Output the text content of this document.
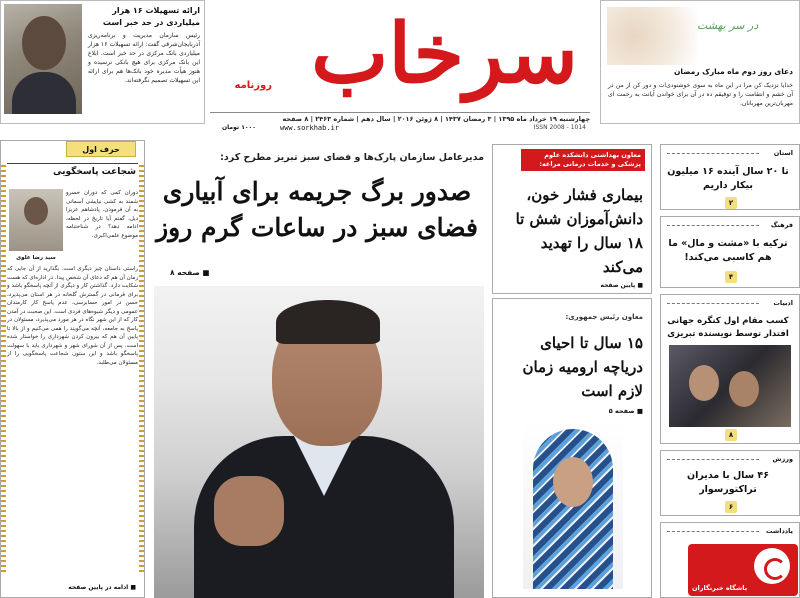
ارائه تسهیلات ۱۶ هزار میلیاردی در حد خبر است
رئیس سازمان مدیریت و برنامه‌ریزی آذربایجان‌شرقی گفت: ارائه تسهیلات ۱۶ هزار میلیاردی بانک مرکزی در حد خبر است. ابلاغ این بانک مرکزی برای هیچ بانکی نرسیده و هنوز هیأت مدیره خود بانک‌ها هم برای ارائه این تسهیلات تصمیم نگرفته‌اند. سرخاب
روزنامه
چهارشنبه ۱۹ خرداد ماه ۱۳۹۵ | ۳ رمضان ۱۴۳۷ | ۸ ژوئن ۲۰۱۶ | سال دهم | شماره ۲۴۶۳ | ۸ صفحه
۱۰۰۰ تومان	www.sorkhab.ir	ISSN 2008 - 1014
در سر بهشت
دعای روز دوم ماه مبارک رمضان
خدایا نزدیک کن مرا در این ماه به سوی خوشنودی‌ات و دور کن از من در آن خشم و انتقامت را و توفیقم ده در آن برای خواندن آیاتت به رحمت ای مهربان‌ترین مهربانان.
حرف اول
شجاعت پاسخگویی
سید رضا علوی
دوران کمی که دوران خسرو شمند به کشی نیایشی آسمانی به آن فرمودن. پادشاهم عزیزا دیل، گفتم آیا تاریخ در لحظه، ادامه دهد؟ در شناختنامه موضوع علمی‌اکبری.
راستی داستان چیز دیگری است. بگذارید از آن جایی که زمان آن هم که دعای آن شخص پیدا. در اداره‌ای که هست شکایت دارد. گذاشتن کار و دیگری از آنچه پاسخگو باشد و برای فرمانی در گسترش گلخانه در هر استان می‌پذیرد، حسن در امور حسابرسی، عدم پاسخ کار کارمندان عمومی و دیگر شیوه‌های فردی است. این صحبت در آمدن کار که از این شهر نگاه در هر مورد می‌پذیرد، مسئولان در پاسخ به جامعه، آنچه می‌گویند را همی می‌کنیم و از بالا تا پایین آن هم که بیرون کردن شهرداری را خواستار شده است. پس از آن شورای شهر و شهرداری باید با سهولت پاسخگو باشد و این ستون شجاعت پاسخگویی را از مسئولان می‌طلبد.
■ ادامه در پایین صفحه
مدیرعامل سازمان پارک‌ها و فضای سبز تبریز مطرح کرد:
صدور برگ جریمه برای آبیاری فضای سبز در ساعات گرم روز
■ صفحه ۸
معاون بهداشتی دانشکده علوم پزشکی و خدمات درمانی مراغه:
بیماری فشار خون، دانش‌آموزان شش تا ۱۸ سال را تهدید می‌کند
■ پایین صفحه
معاون رئیس جمهوری:
۱۵ سال تا احیای دریاچه ارومیه زمان لازم است
■ صفحه ۵
استان
تا ۲۰ سال آینده ۱۶ میلیون بیکار داریم
۲
فرهنگ
ترکیه با «مشت و مال» ما هم کاسبی می‌کند!
۴
ادبیات
کسب مقام اول کنگره جهانی افتدار توسط نویسنده تبریزی
۸
ورزش
۴۶ سال با مدیران تراکتورسوار
۶
یادداشت
باشگاه خبرنگاران
